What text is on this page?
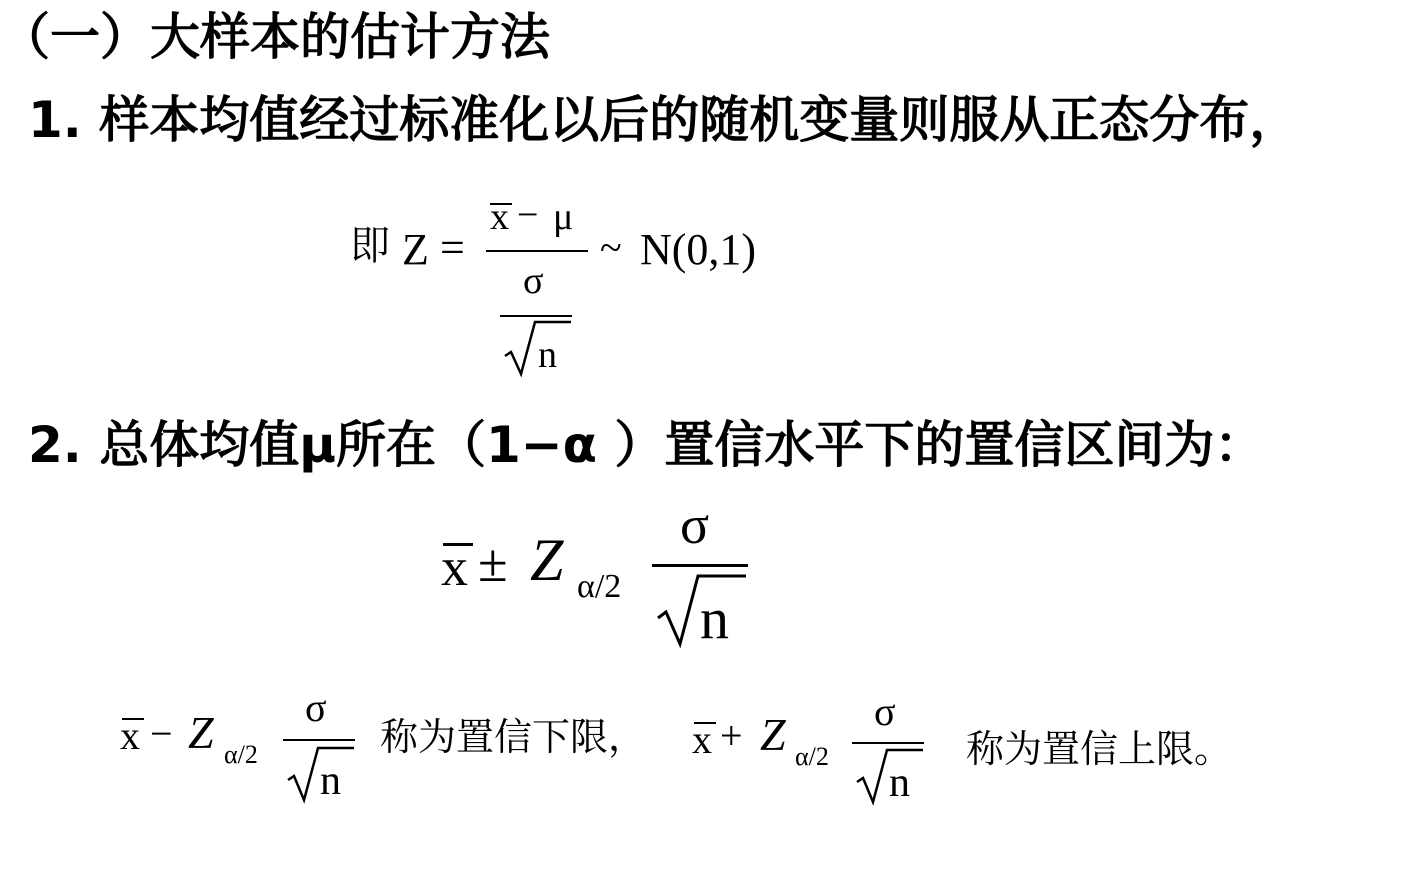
（一）大样本的估计方法
1. 样本均值经过标准化以后的随机变量则服从正态分布，
即 Z =
x − μ
σ
n
~ N(0,1)
2. 总体均值μ所在（1−α ）置信水平下的置信区间为：
x ± Z α/2
σ
n
x − Z α/2
σ
n
称为置信下限， x + Z α/2
σ
n
称为置信上限。
